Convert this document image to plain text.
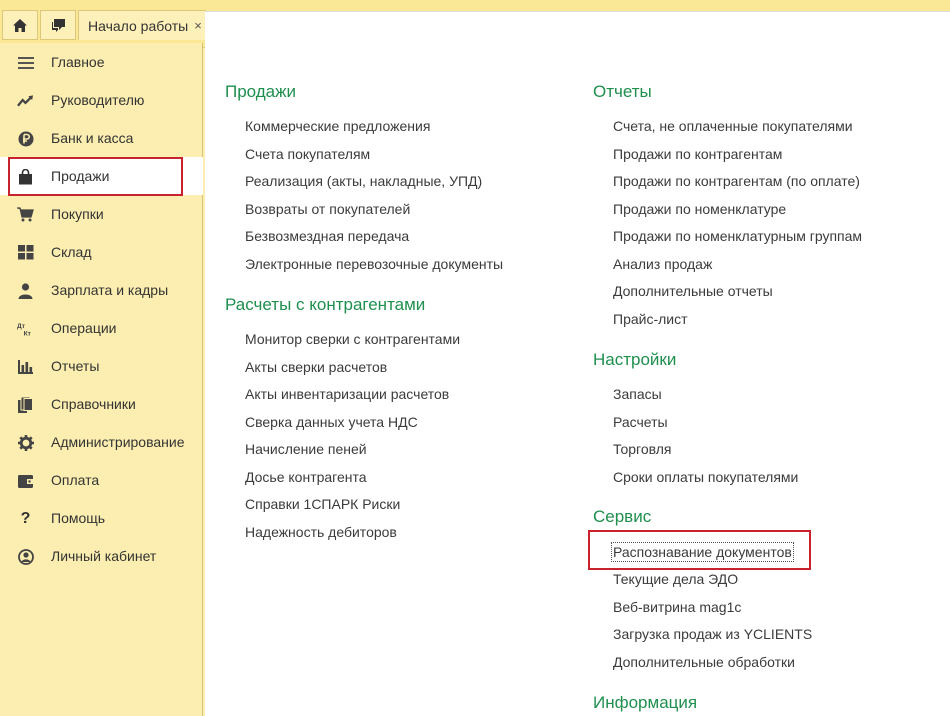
Начало работы ×
Главное
Руководителю
Банк и касса
Продажи
Покупки
Склад
Зарплата и кадры
Дт
Кт Операции
Отчеты
Справочники
Администрирование
Оплата
? Помощь
Личный кабинет
Продажи
Коммерческие предложения
Счета покупателям
Реализация (акты, накладные, УПД)
Возвраты от покупателей
Безвозмездная передача
Электронные перевозочные документы
Расчеты с контрагентами
Монитор сверки с контрагентами
Акты сверки расчетов
Акты инвентаризации расчетов
Сверка данных учета НДС
Начисление пеней
Досье контрагента
Справки 1СПАРК Риски
Надежность дебиторов
Отчеты
Счета, не оплаченные покупателями
Продажи по контрагентам
Продажи по контрагентам (по оплате)
Продажи по номенклатуре
Продажи по номенклатурным группам
Анализ продаж
Дополнительные отчеты
Прайс-лист
Настройки
Запасы
Расчеты
Торговля
Сроки оплаты покупателями
Сервис
Распознавание документов
Текущие дела ЭДО
Веб-витрина mag1c
Загрузка продаж из YCLIENTS
Дополнительные обработки
Информация
